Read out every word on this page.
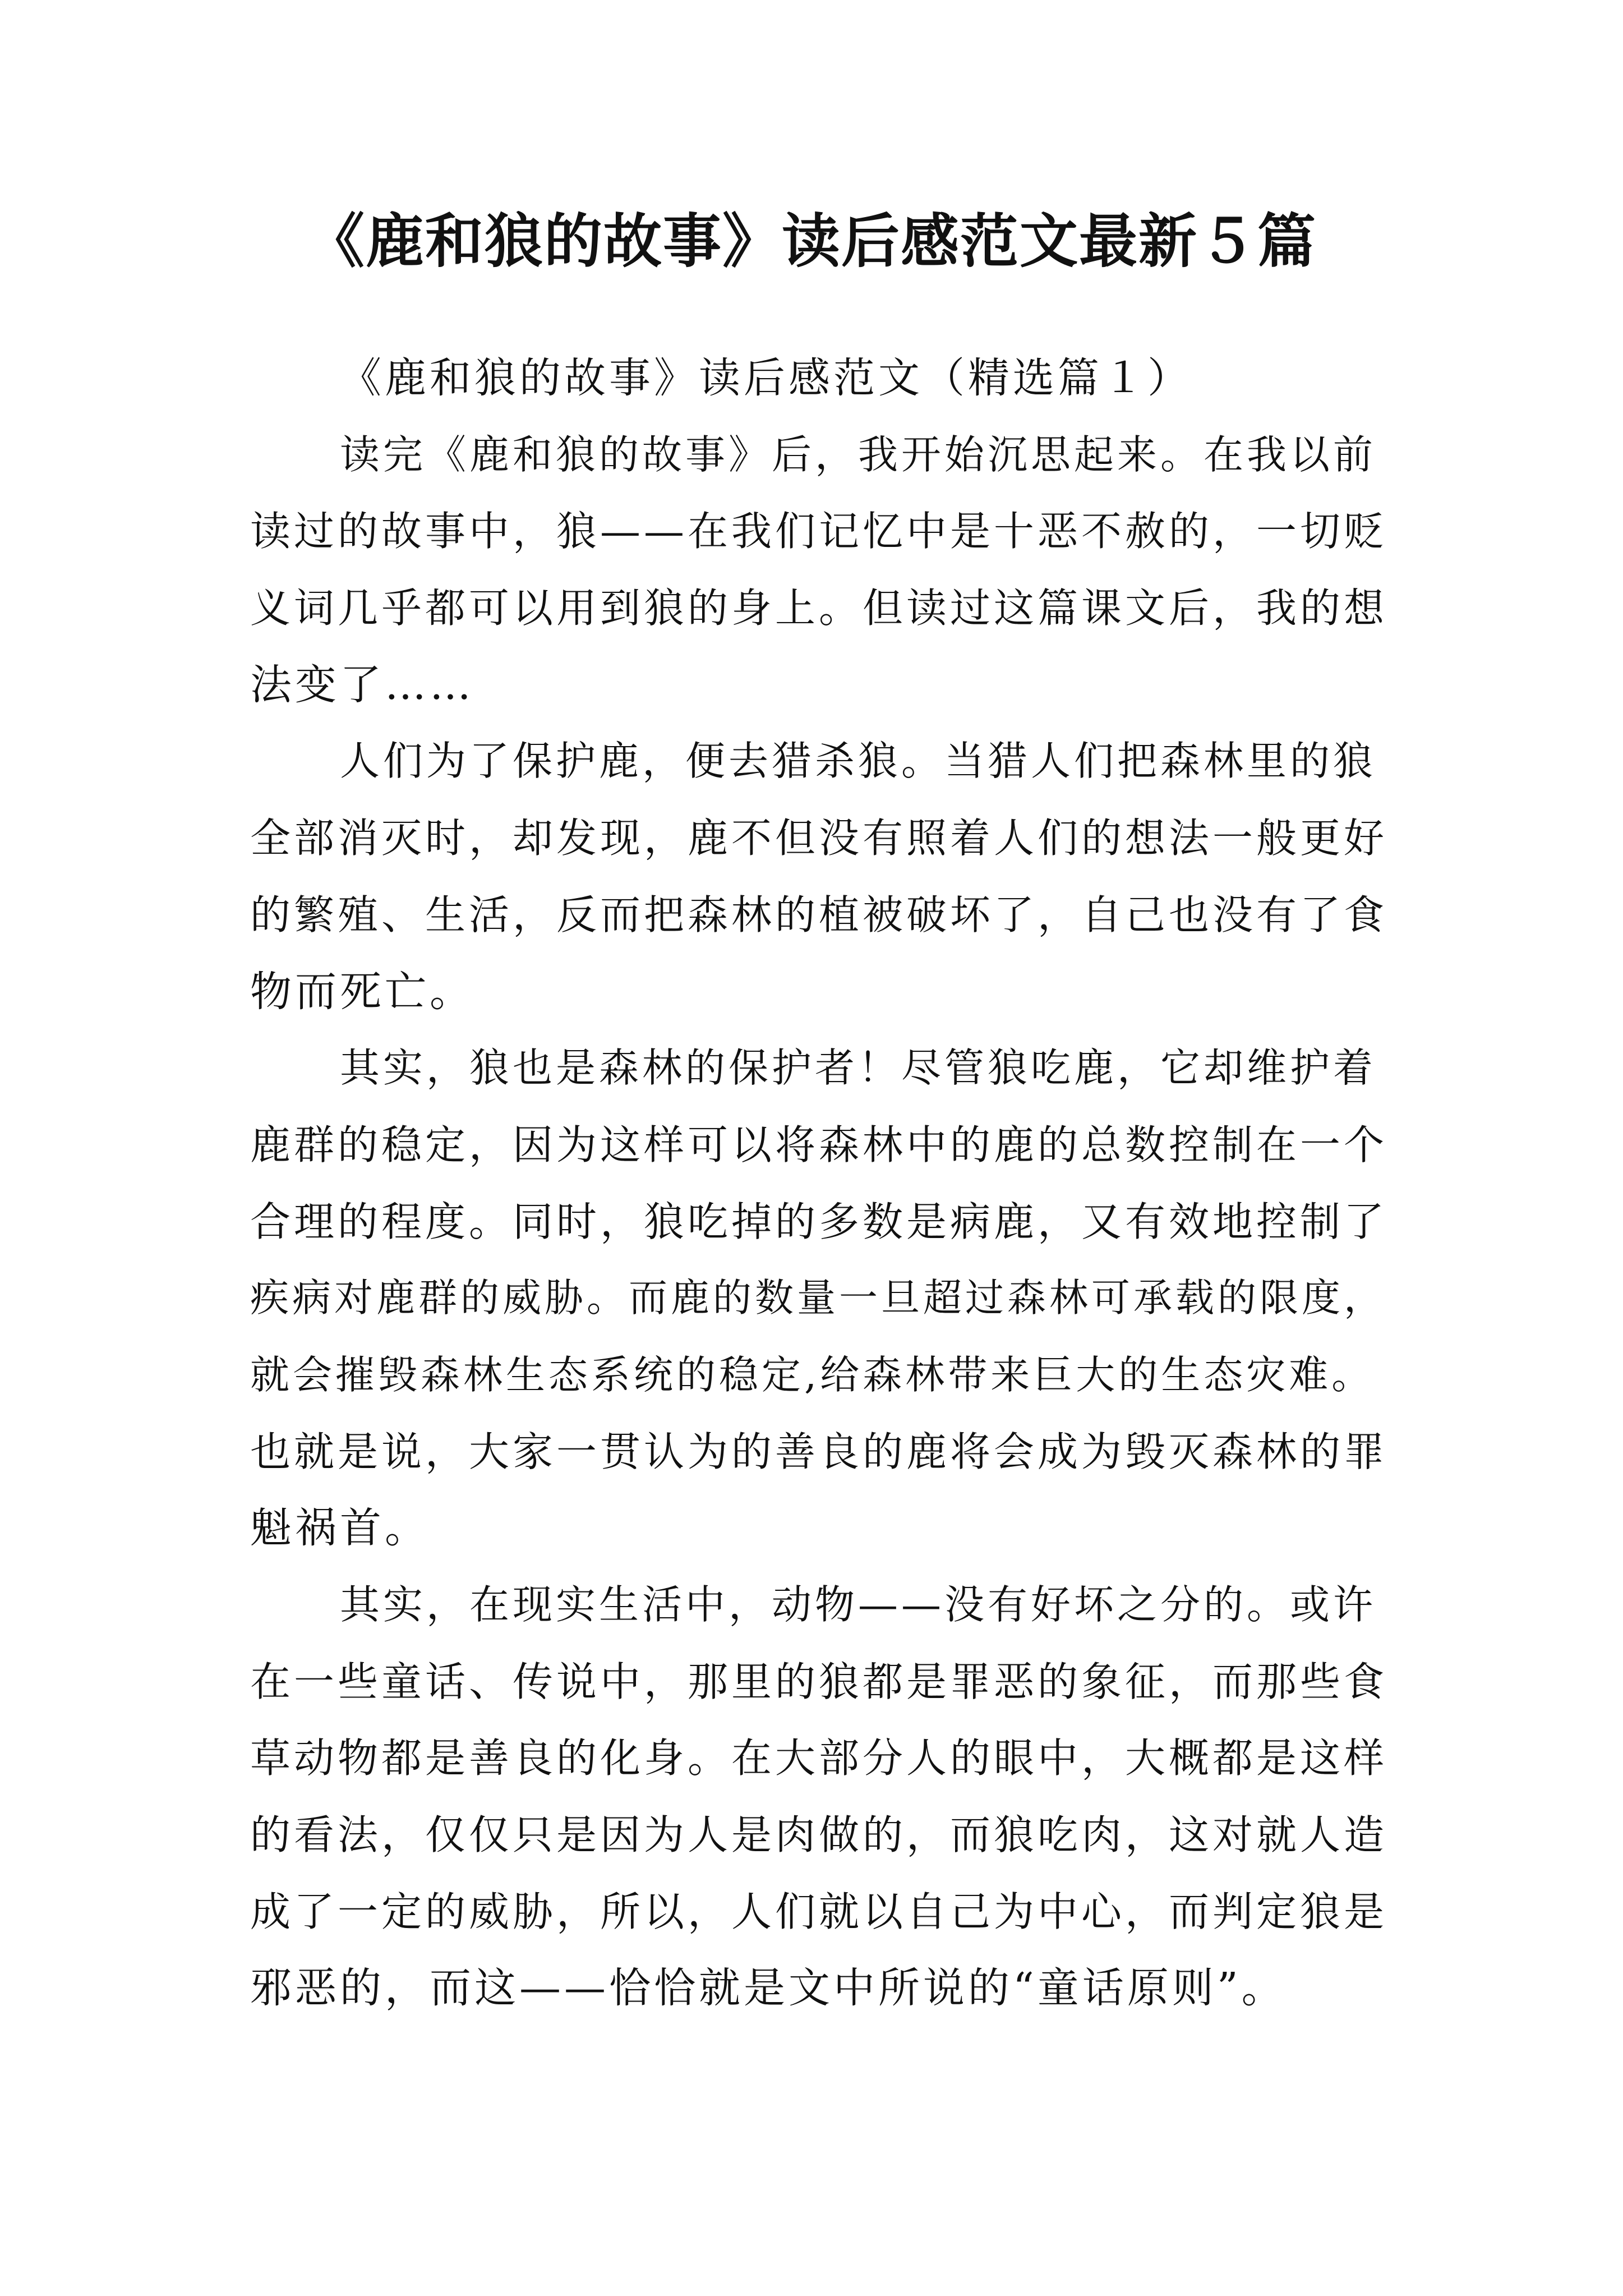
《鹿和狼的故事》读后感范文最新５篇
《鹿和狼的故事》读后感范文（精选篇１）
读完《鹿和狼的故事》后，我开始沉思起来。在我以前
读过的故事中，狼——在我们记忆中是十恶不赦的，一切贬
义词几乎都可以用到狼的身上。但读过这篇课文后，我的想
法变了……
人们为了保护鹿，便去猎杀狼。当猎人们把森林里的狼
全部消灭时，却发现，鹿不但没有照着人们的想法一般更好
的繁殖、生活，反而把森林的植被破坏了，自己也没有了食
物而死亡。
其实，狼也是森林的保护者！尽管狼吃鹿，它却维护着
鹿群的稳定，因为这样可以将森林中的鹿的总数控制在一个
合理的程度。同时，狼吃掉的多数是病鹿，又有效地控制了
疾病对鹿群的威胁。而鹿的数量一旦超过森林可承载的限度，
就会摧毁森林生态系统的稳定,给森林带来巨大的生态灾难。
也就是说，大家一贯认为的善良的鹿将会成为毁灭森林的罪
魁祸首。
其实，在现实生活中，动物——没有好坏之分的。或许
在一些童话、传说中，那里的狼都是罪恶的象征，而那些食
草动物都是善良的化身。在大部分人的眼中，大概都是这样
的看法，仅仅只是因为人是肉做的，而狼吃肉，这对就人造
成了一定的威胁，所以，人们就以自己为中心，而判定狼是
邪恶的，而这——恰恰就是文中所说的“童话原则”。
